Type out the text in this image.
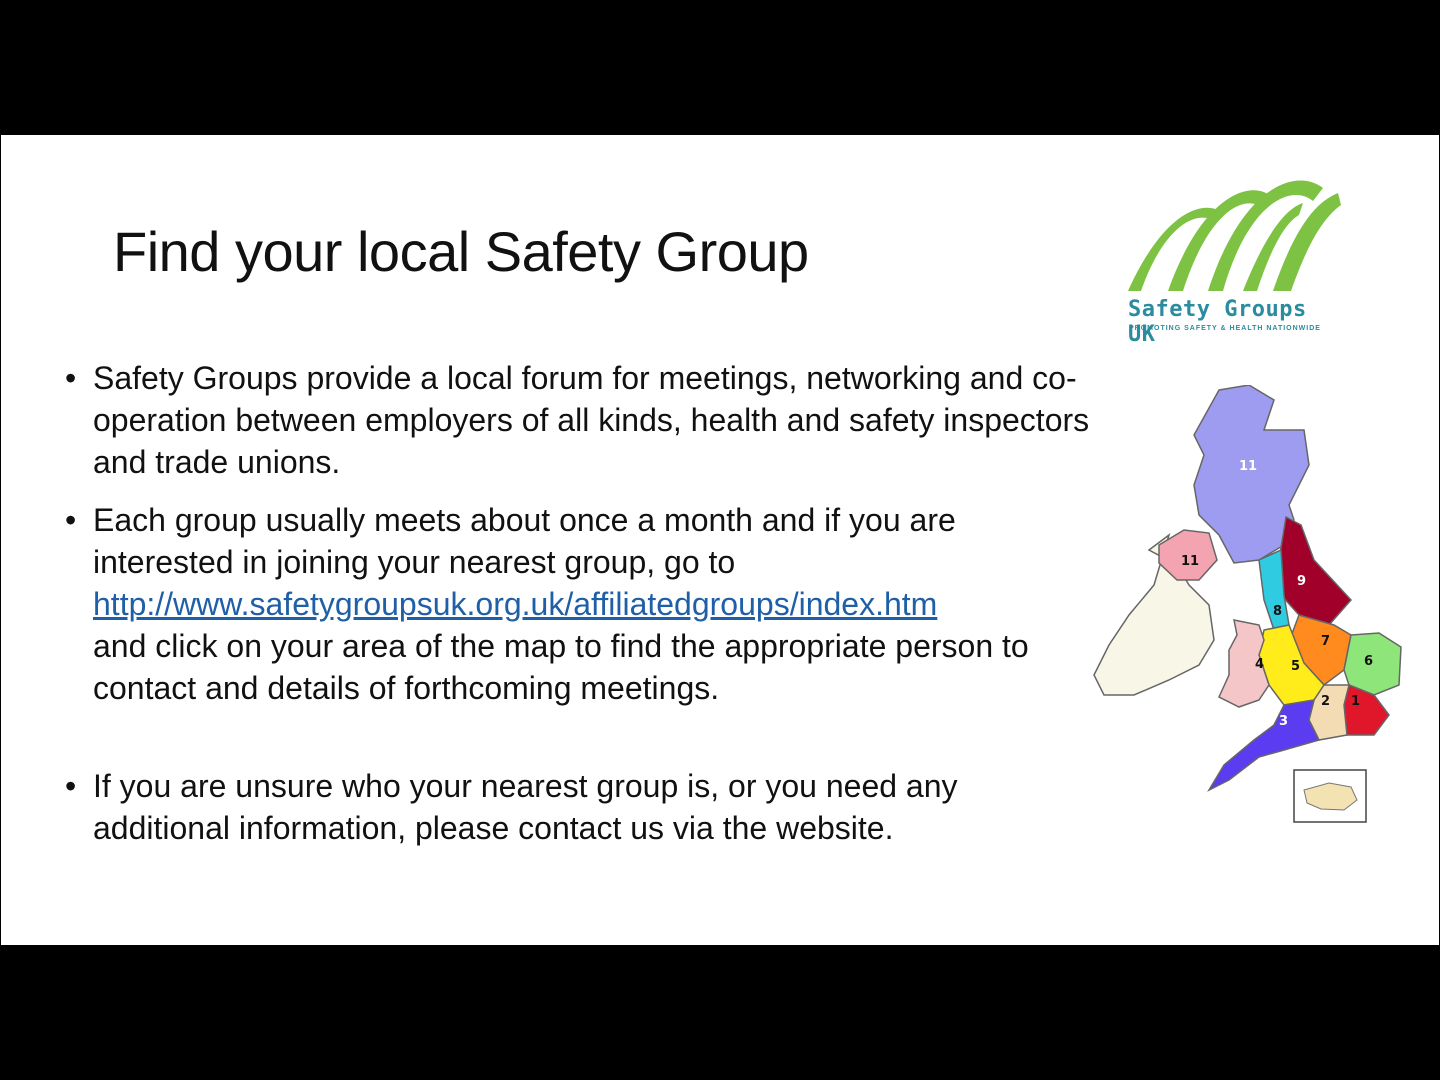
Find your local Safety Group
Safety Groups UK
PROMOTING SAFETY & HEALTH NATIONWIDE
• Safety Groups provide a local forum for meetings, networking and co-operation between employers of all kinds, health and safety inspectors and trade unions.
• Each group usually meets about once a month and if you are interested in joining your nearest group, go to
http://www.safetygroupsuk.org.uk/affiliatedgroups/index.htm
and click on your area of the map to find the appropriate person to contact and details of forthcoming meetings.
• If you are unsure who your nearest group is, or you need any additional information, please contact us via the website.
11
11
9
8
7
6
5
4
2 1
3
